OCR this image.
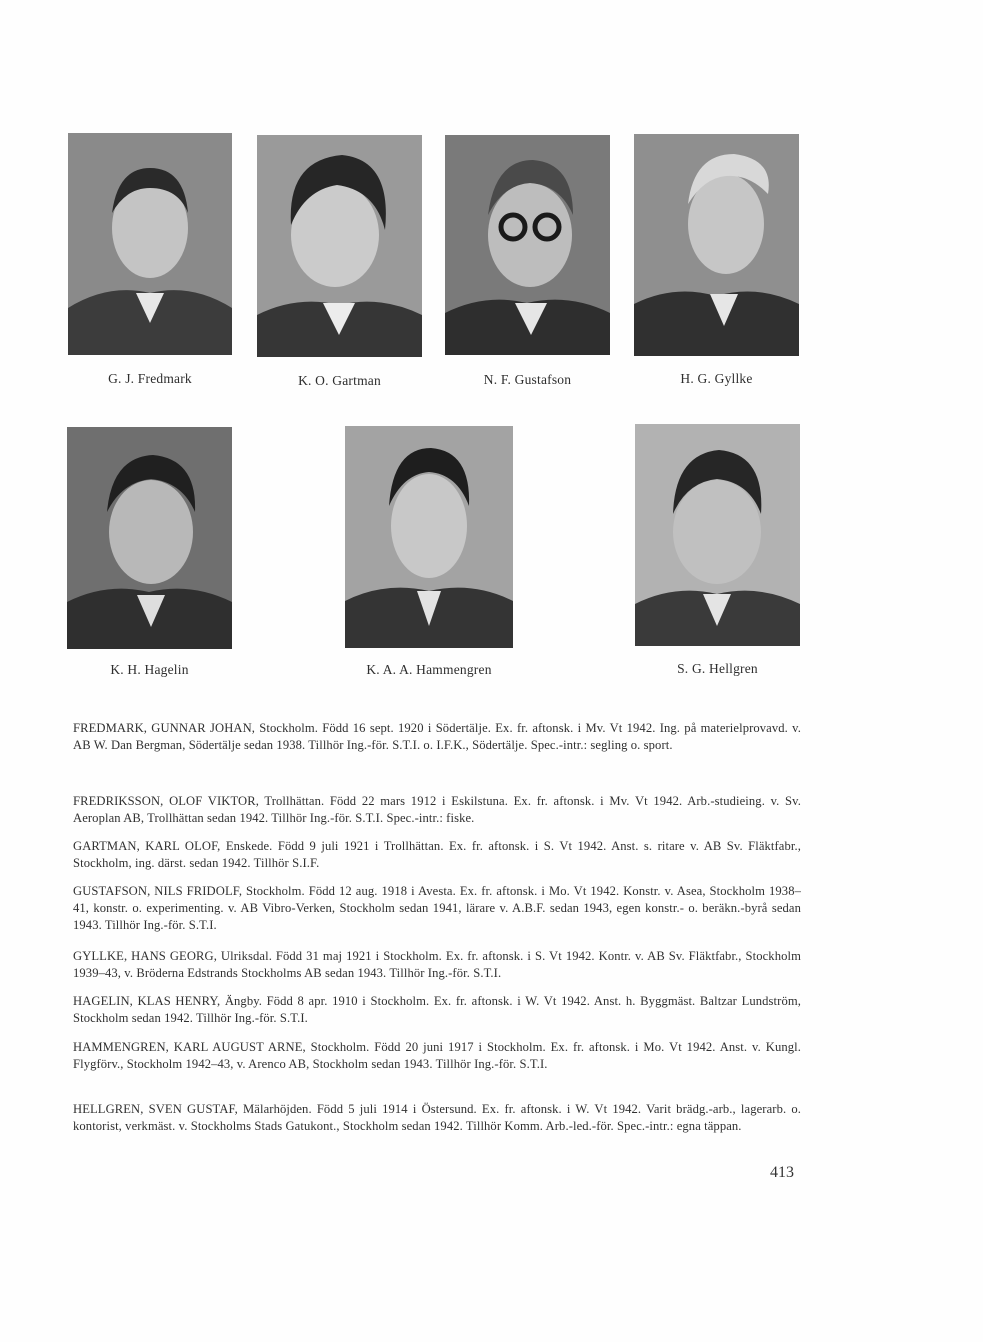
G. J. Fredmark	K. O. Gartman	N. F. Gustafson	H. G. Gyllke
K. H. Hagelin	K. A. A. Hammengren	S. G. Hellgren

FREDMARK, GUNNAR JOHAN, Stockholm. Född 16 sept. 1920 i Södertälje. Ex. fr. aftonsk. i Mv. Vt 1942. Ing. på materielprovavd. v. AB W. Dan Bergman, Södertälje sedan 1938. Tillhör Ing.-för. S.T.I. o. I.F.K., Södertälje. Spec.-intr.: segling o. sport.

FREDRIKSSON, OLOF VIKTOR, Trollhättan. Född 22 mars 1912 i Eskilstuna. Ex. fr. aftonsk. i Mv. Vt 1942. Arb.-studieing. v. Sv. Aeroplan AB, Trollhättan sedan 1942. Tillhör Ing.-för. S.T.I. Spec.-intr.: fiske.

GARTMAN, KARL OLOF, Enskede. Född 9 juli 1921 i Trollhättan. Ex. fr. aftonsk. i S. Vt 1942. Anst. s. ritare v. AB Sv. Fläktfabr., Stockholm, ing. därst. sedan 1942. Tillhör S.I.F.

GUSTAFSON, NILS FRIDOLF, Stockholm. Född 12 aug. 1918 i Avesta. Ex. fr. aftonsk. i Mo. Vt 1942. Konstr. v. Asea, Stockholm 1938–41, konstr. o. experimenting. v. AB Vibro-Verken, Stockholm sedan 1941, lärare v. A.B.F. sedan 1943, egen konstr.- o. beräkn.-byrå sedan 1943. Tillhör Ing.-för. S.T.I.

GYLLKE, HANS GEORG, Ulriksdal. Född 31 maj 1921 i Stockholm. Ex. fr. aftonsk. i S. Vt 1942. Kontr. v. AB Sv. Fläktfabr., Stockholm 1939–43, v. Bröderna Edstrands Stockholms AB sedan 1943. Tillhör Ing.-för. S.T.I.

HAGELIN, KLAS HENRY, Ängby. Född 8 apr. 1910 i Stockholm. Ex. fr. aftonsk. i W. Vt 1942. Anst. h. Byggmäst. Baltzar Lundström, Stockholm sedan 1942. Tillhör Ing.-för. S.T.I.

HAMMENGREN, KARL AUGUST ARNE, Stockholm. Född 20 juni 1917 i Stockholm. Ex. fr. aftonsk. i Mo. Vt 1942. Anst. v. Kungl. Flygförv., Stockholm 1942–43, v. Arenco AB, Stockholm sedan 1943. Tillhör Ing.-för. S.T.I.

HELLGREN, SVEN GUSTAF, Mälarhöjden. Född 5 juli 1914 i Östersund. Ex. fr. aftonsk. i W. Vt 1942. Varit brädg.-arb., lagerarb. o. kontorist, verkmäst. v. Stockholms Stads Gatukont., Stockholm sedan 1942. Tillhör Komm. Arb.-led.-för. Spec.-intr.: egna täppan.

413
